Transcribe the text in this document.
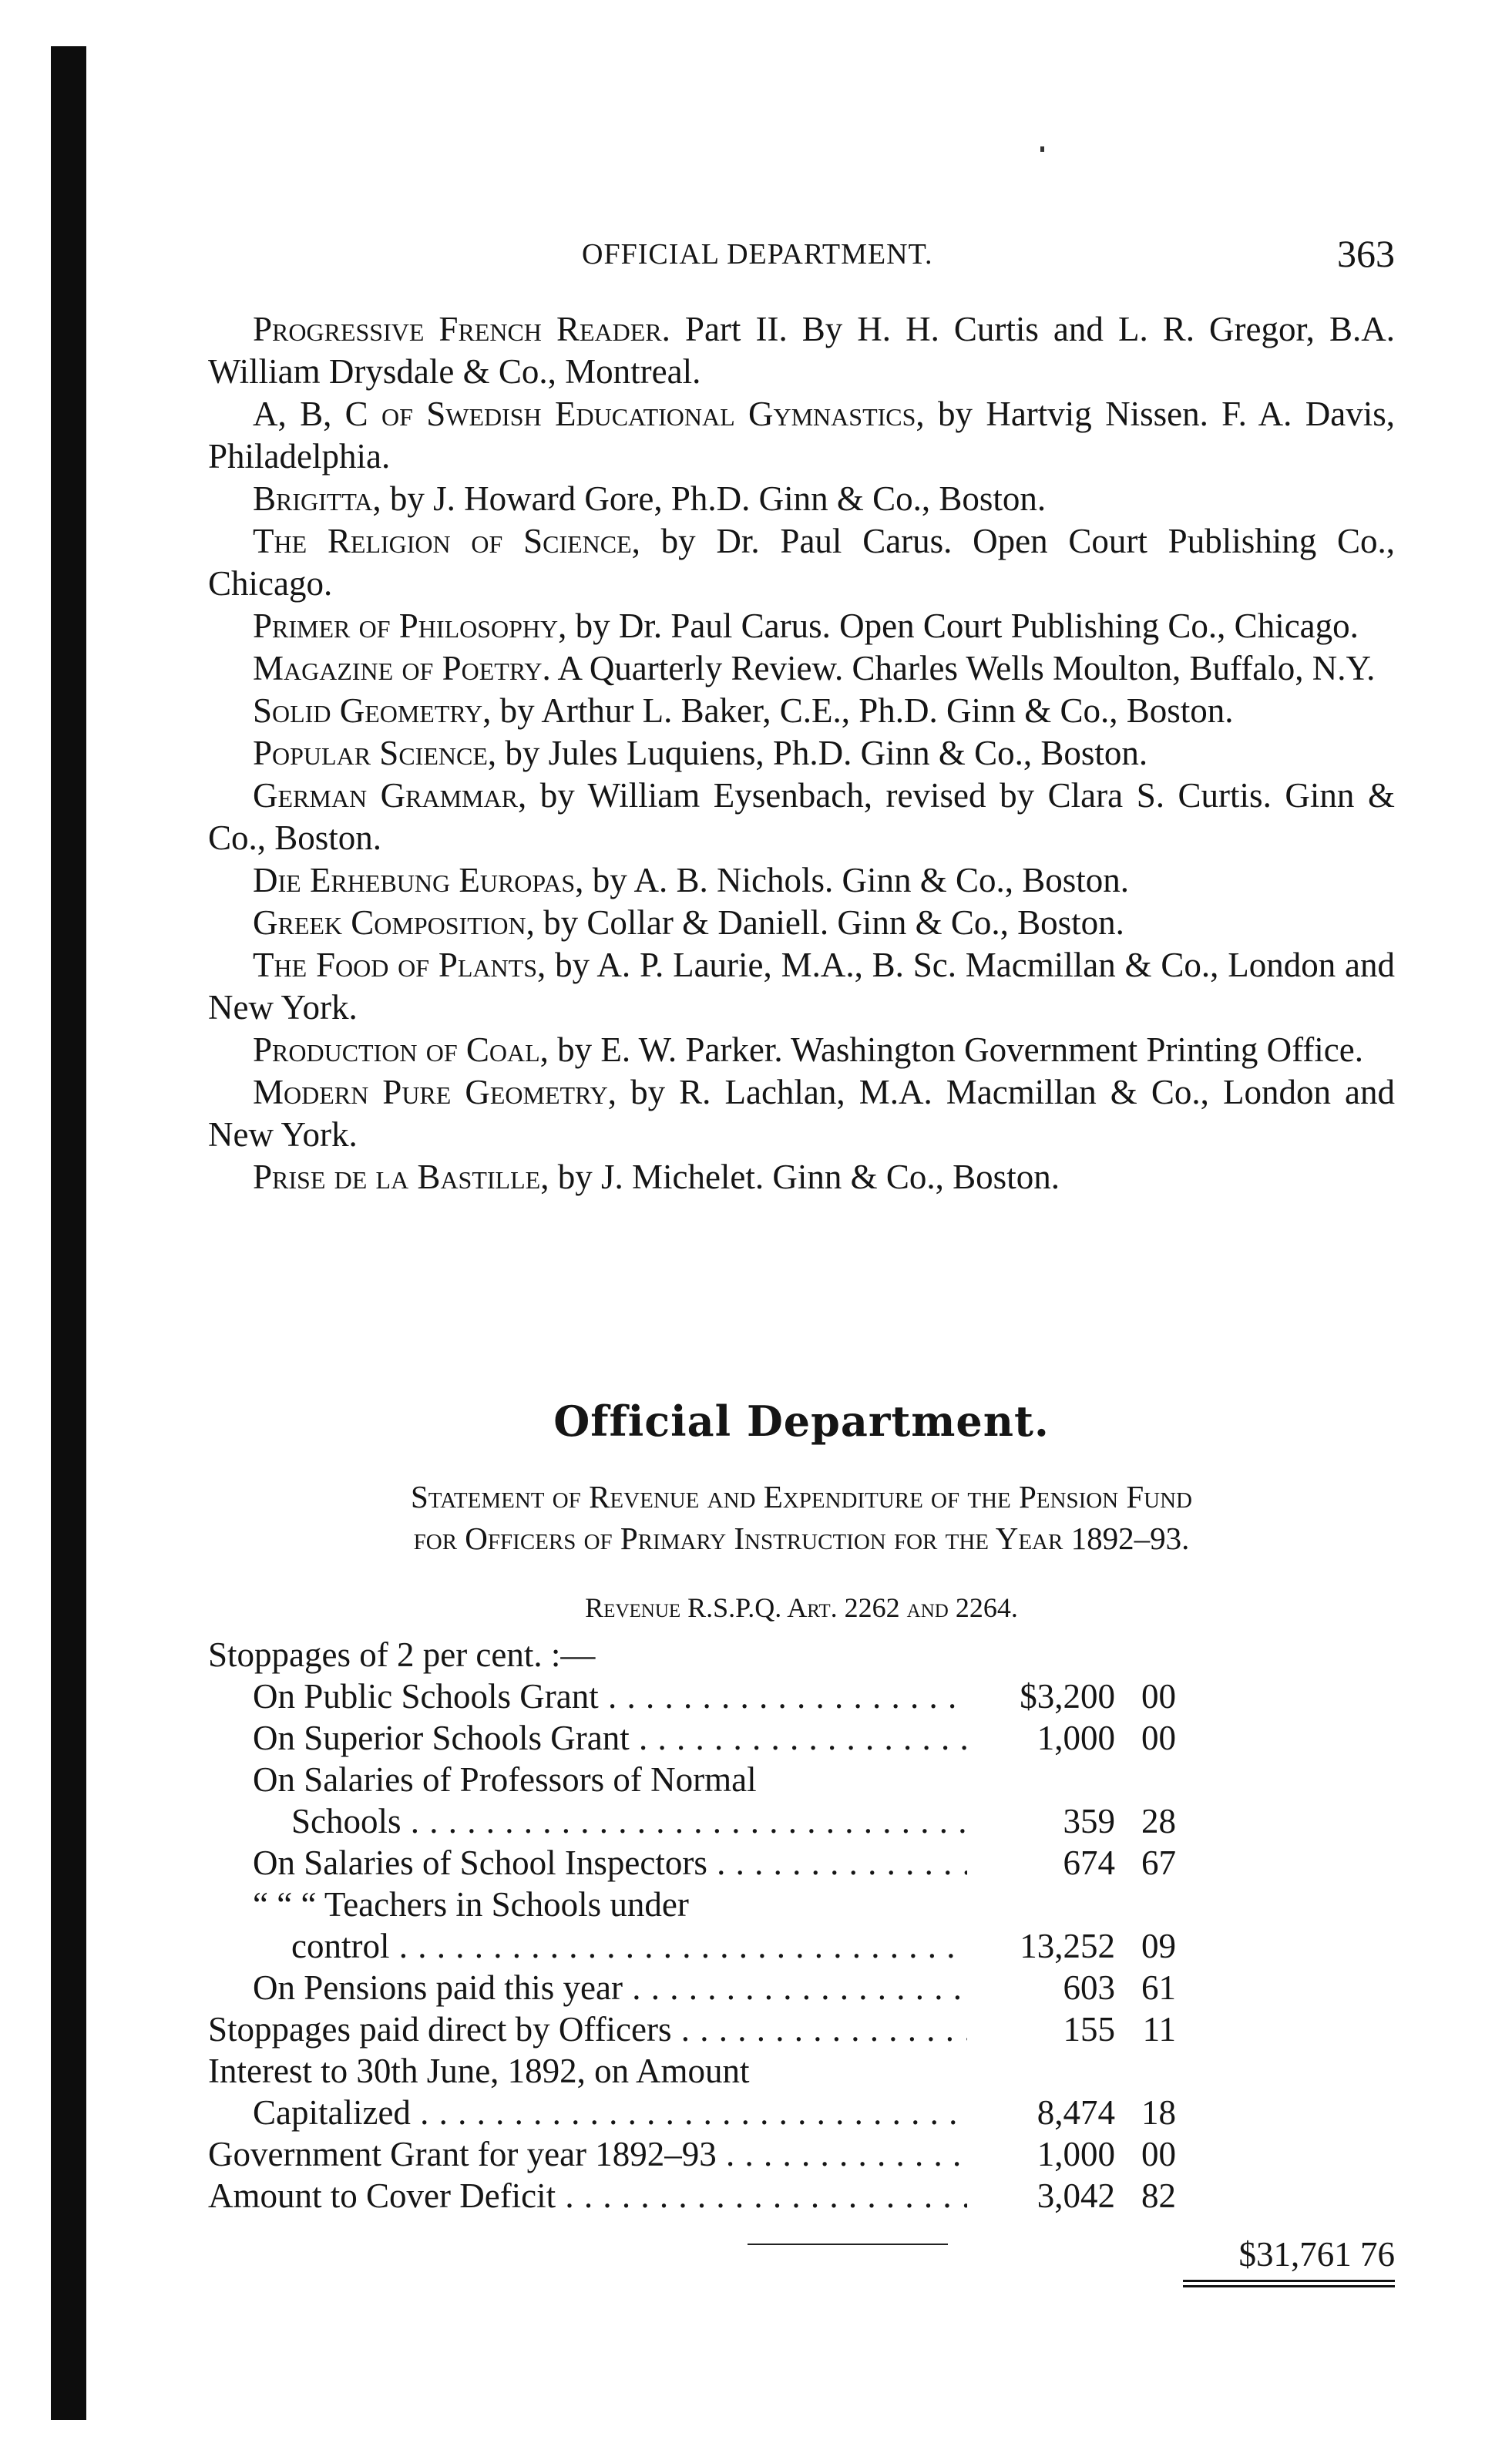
OFFICIAL DEPARTMENT.	363

Progressive French Reader. Part II. By H. H. Curtis and L. R. Gregor, B.A. William Drysdale & Co., Montreal.

A, B, C of Swedish Educational Gymnastics, by Hartvig Nissen. F. A. Davis, Philadelphia.

Brigitta, by J. Howard Gore, Ph.D. Ginn & Co., Boston.

The Religion of Science, by Dr. Paul Carus. Open Court Publishing Co., Chicago.

Primer of Philosophy, by Dr. Paul Carus. Open Court Publishing Co., Chicago.

Magazine of Poetry. A Quarterly Review. Charles Wells Moulton, Buffalo, N.Y.

Solid Geometry, by Arthur L. Baker, C.E., Ph.D. Ginn & Co., Boston.

Popular Science, by Jules Luquiens, Ph.D. Ginn & Co., Boston.

German Grammar, by William Eysenbach, revised by Clara S. Curtis. Ginn & Co., Boston.

Die Erhebung Europas, by A. B. Nichols. Ginn & Co., Boston.

Greek Composition, by Collar & Daniell. Ginn & Co., Boston.

The Food of Plants, by A. P. Laurie, M.A., B. Sc. Macmillan & Co., London and New York.

Production of Coal, by E. W. Parker. Washington Government Printing Office.

Modern Pure Geometry, by R. Lachlan, M.A. Macmillan & Co., London and New York.

Prise de la Bastille, by J. Michelet. Ginn & Co., Boston.

Official Department.

Statement of Revenue and Expenditure of the Pension Fund
for Officers of Primary Instruction for the Year 1892–93.

Revenue R.S.P.Q. Art. 2262 and 2264.
Stoppages of 2 per cent. :—
On Public Schools Grant . . .	$3,200 00
On Superior Schools Grant . . .	1,000 00
On Salaries of Professors of Normal
Schools . . .	359 28
On Salaries of School Inspectors . . .	674 67
“ “ “ Teachers in Schools under
control . . .	13,252 09
On Pensions paid this year . . .	603 61
Stoppages paid direct by Officers . . .	155 11
Interest to 30th June, 1892, on Amount
Capitalized . . .	8,474 18
Government Grant for year 1892–93 . . .	1,000 00
Amount to Cover Deficit . . .	3,042 82
$31,761 76
